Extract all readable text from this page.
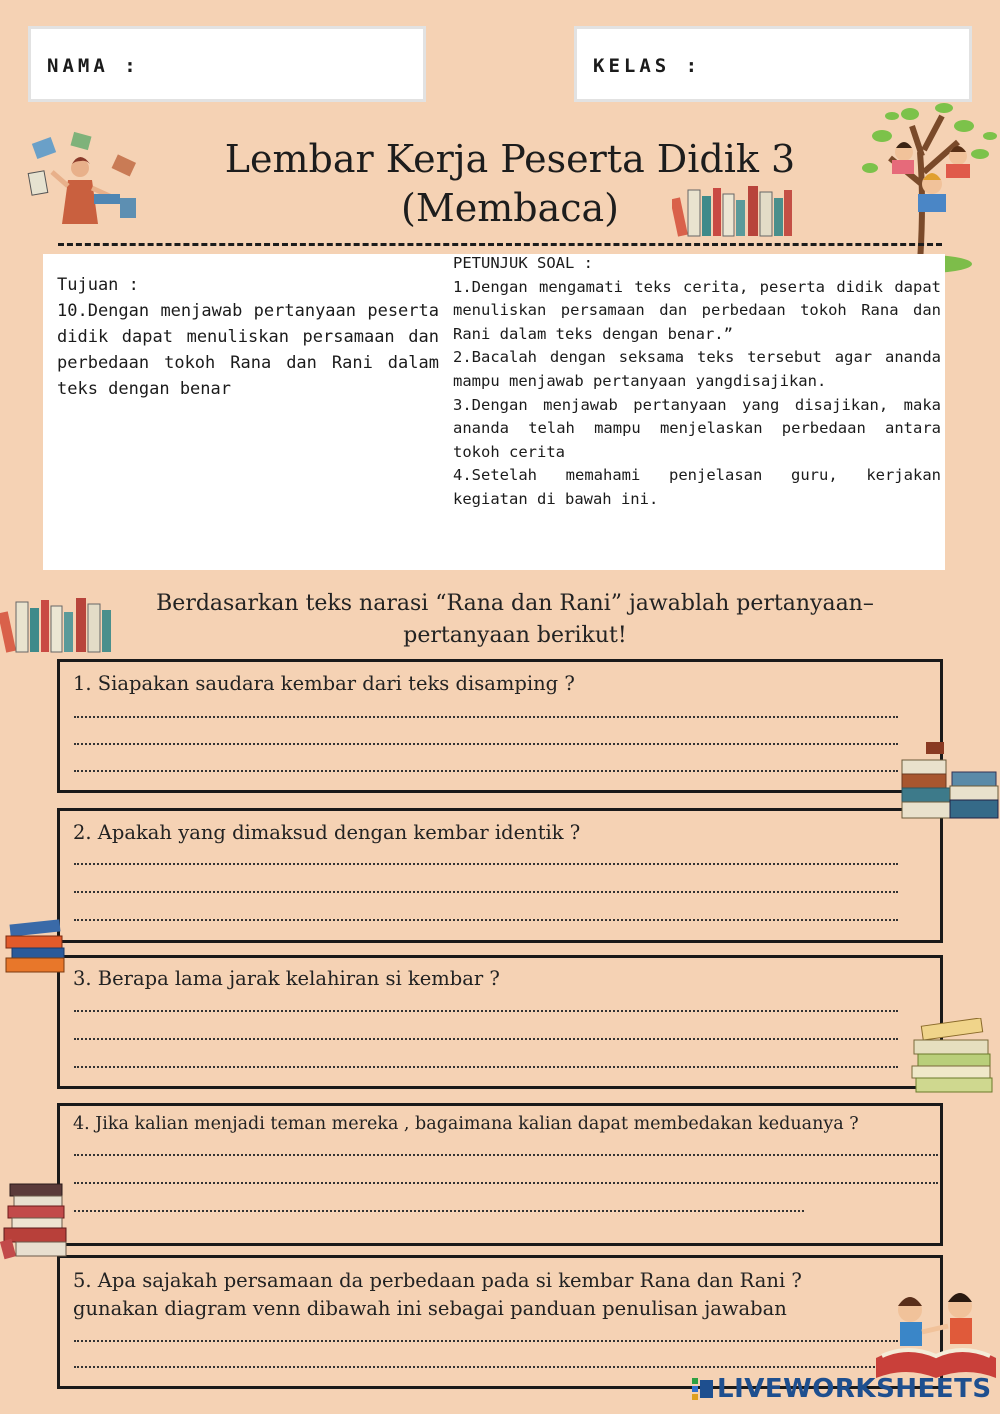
NAMA :	KELAS :
Lembar Kerja Peserta Didik 3
(Membaca)
Tujuan :
10.Dengan menjawab pertanyaan peserta didik dapat menuliskan persamaan dan perbedaan tokoh Rana dan Rani dalam teks dengan benar
PETUNJUK SOAL :
1.Dengan mengamati teks cerita, peserta didik dapat menuliskan persamaan dan perbedaan tokoh Rana dan Rani dalam teks dengan benar.”
2.Bacalah dengan seksama teks tersebut agar ananda mampu menjawab pertanyaan yangdisajikan.
3.Dengan menjawab pertanyaan yang disajikan, maka ananda telah mampu menjelaskan perbedaan antara tokoh cerita
4.Setelah memahami penjelasan guru, kerjakan kegiatan di bawah ini.
Berdasarkan teks narasi “Rana dan Rani” jawablah pertanyaan–
pertanyaan berikut!
1. Siapakan saudara kembar dari teks disamping ?
2. Apakah yang dimaksud dengan kembar identik ?
3. Berapa lama jarak kelahiran si kembar ?
4. Jika kalian menjadi teman mereka , bagaimana kalian dapat membedakan keduanya ?
5. Apa sajakah persamaan da perbedaan pada si kembar Rana dan Rani ?
gunakan diagram venn dibawah ini sebagai panduan penulisan jawaban
LIVEWORKSHEETS
